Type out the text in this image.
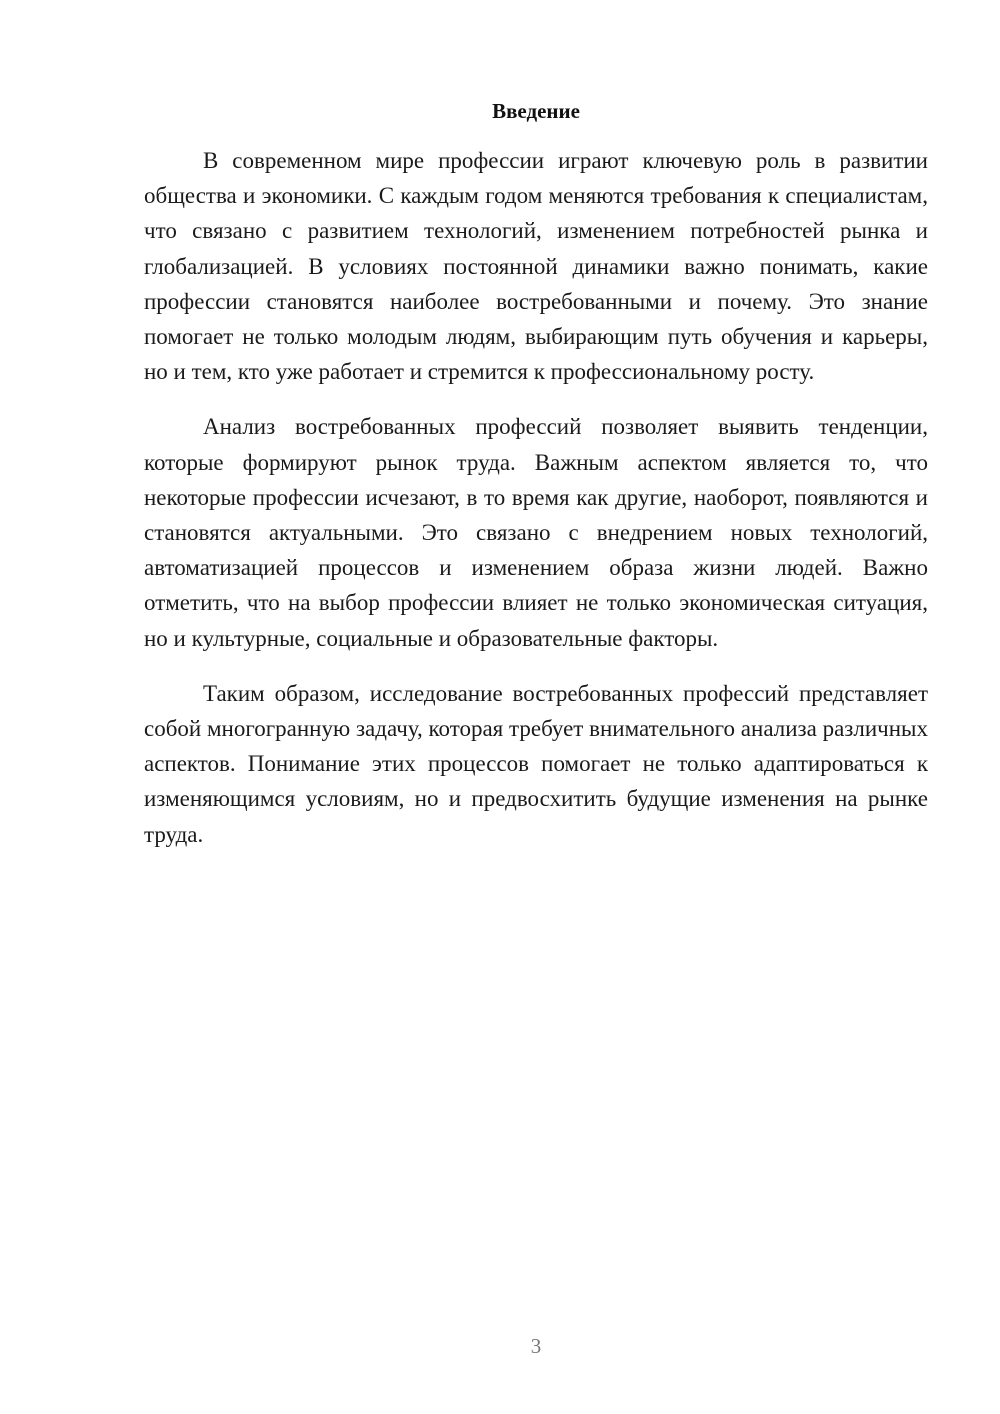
Введение

В современном мире профессии играют ключевую роль в развитии общества и экономики. С каждым годом меняются требования к специалистам, что связано с развитием технологий, изменением потребностей рынка и глобализацией. В условиях постоянной динамики важно понимать, какие профессии становятся наиболее востребованными и почему. Это знание помогает не только молодым людям, выбирающим путь обучения и карьеры, но и тем, кто уже работает и стремится к профессиональному росту.

Анализ востребованных профессий позволяет выявить тенденции, которые формируют рынок труда. Важным аспектом является то, что некоторые профессии исчезают, в то время как другие, наоборот, появляются и становятся актуальными. Это связано с внедрением новых технологий, автоматизацией процессов и изменением образа жизни людей. Важно отметить, что на выбор профессии влияет не только экономическая ситуация, но и культурные, социальные и образовательные факторы.

Таким образом, исследование востребованных профессий представляет собой многогранную задачу, которая требует внимательного анализа различных аспектов. Понимание этих процессов помогает не только адаптироваться к изменяющимся условиям, но и предвосхитить будущие изменения на рынке труда.

3
